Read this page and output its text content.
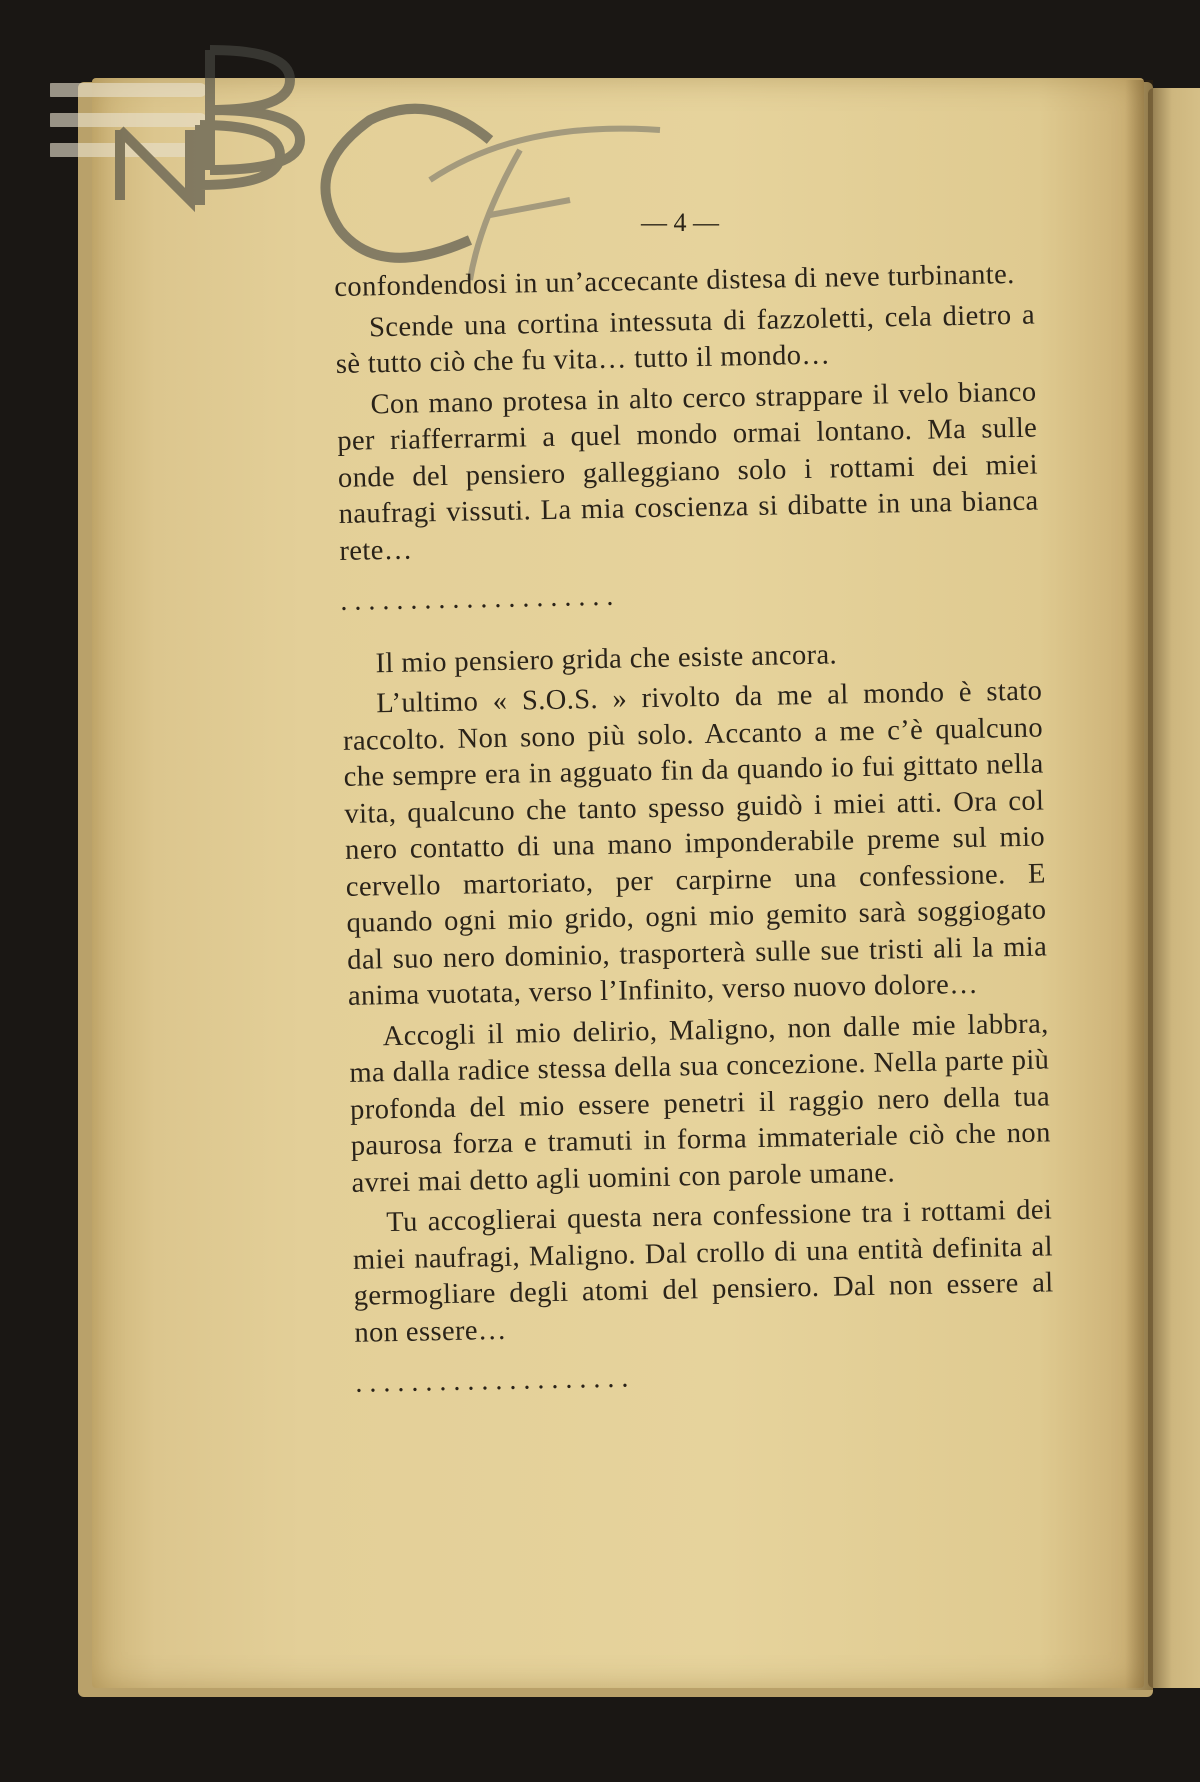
— 4 —

confondendosi in un’accecante distesa di neve turbinante.

Scende una cortina intessuta di fazzoletti, cela dietro a sè tutto ciò che fu vita… tutto il mondo…

Con mano protesa in alto cerco strappare il velo bianco per riafferrarmi a quel mondo ormai lontano. Ma sulle onde del pensiero galleggiano solo i rottami dei miei naufragi vissuti. La mia coscienza si dibatte in una bianca rete…

. . . . . . . . . . . . . . . . . . . .

Il mio pensiero grida che esiste ancora.

L’ultimo « S.O.S. » rivolto da me al mondo è stato raccolto. Non sono più solo. Accanto a me c’è qualcuno che sempre era in agguato fin da quando io fui gittato nella vita, qualcuno che tanto spesso guidò i miei atti. Ora col nero contatto di una mano imponderabile preme sul mio cervello martoriato, per carpirne una confessione. E quando ogni mio grido, ogni mio gemito sarà soggiogato dal suo nero dominio, trasporterà sulle sue tristi ali la mia anima vuotata, verso l’Infinito, verso nuovo dolore…

Accogli il mio delirio, Maligno, non dalle mie labbra, ma dalla radice stessa della sua concezione. Nella parte più profonda del mio essere penetri il raggio nero della tua paurosa forza e tramuti in forma immateriale ciò che non avrei mai detto agli uomini con parole umane.

Tu accoglierai questa nera confessione tra i rottami dei miei naufragi, Maligno. Dal crollo di una entità definita al germogliare degli atomi del pensiero. Dal non essere al non essere…

. . . . . . . . . . . . . . . . . . . .
